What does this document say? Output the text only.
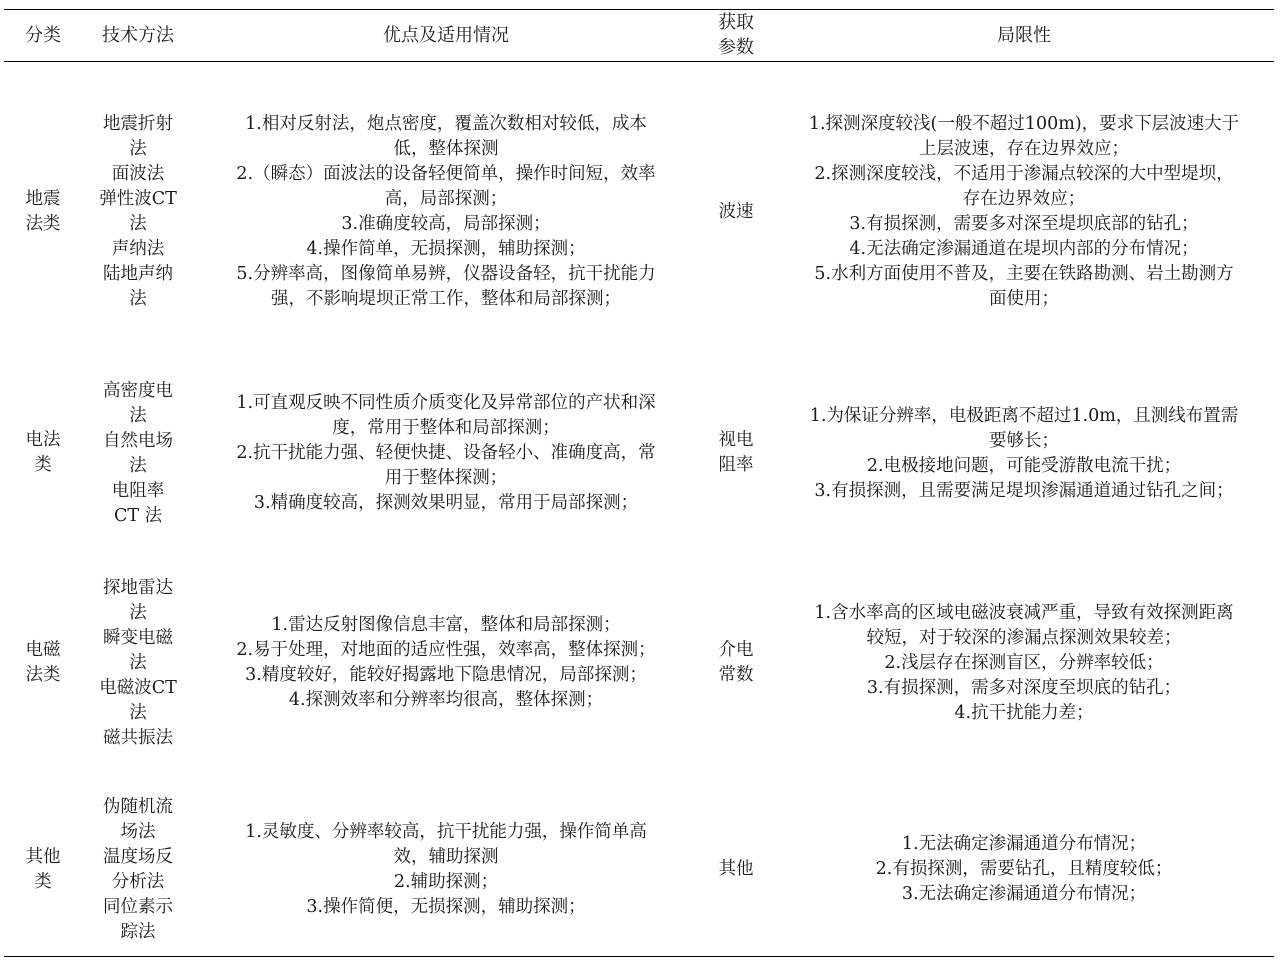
分类	技术方法	优点及适用情况
获取
参数
局限性
地震
法类
地震折射
法
面波法
弹性波CT
法
声纳法
陆地声纳
法
1.相对反射法，炮点密度，覆盖次数相对较低，成本
低，整体探测
2.（瞬态）面波法的设备轻便简单，操作时间短，效率
高，局部探测；
3.准确度较高，局部探测；
4.操作简单，无损探测，辅助探测；
5.分辨率高，图像简单易辨，仪器设备轻，抗干扰能力
强，不影响堤坝正常工作，整体和局部探测；
波速
1.探测深度较浅(一般不超过100m)，要求下层波速大于
上层波速，存在边界效应；
2.探测深度较浅，不适用于渗漏点较深的大中型堤坝，
存在边界效应；
3.有损探测，需要多对深至堤坝底部的钻孔；
4.无法确定渗漏通道在堤坝内部的分布情况；
5.水利方面使用不普及，主要在铁路勘测、岩土勘测方
面使用；
电法
类
高密度电
法
自然电场
法
电阻率
CT 法
1.可直观反映不同性质介质变化及异常部位的产状和深
度，常用于整体和局部探测；
2.抗干扰能力强、轻便快捷、设备轻小、准确度高，常
用于整体探测；
3.精确度较高，探测效果明显，常用于局部探测；
视电
阻率
1.为保证分辨率，电极距离不超过1.0m，且测线布置需
要够长；
2.电极接地问题，可能受游散电流干扰；
3.有损探测，且需要满足堤坝渗漏通道通过钻孔之间；
电磁
法类
探地雷达
法
瞬变电磁
法
电磁波CT
法
磁共振法
1.雷达反射图像信息丰富，整体和局部探测；
2.易于处理，对地面的适应性强，效率高，整体探测；
3.精度较好，能较好揭露地下隐患情况，局部探测；
4.探测效率和分辨率均很高，整体探测；
介电
常数
1.含水率高的区域电磁波衰减严重，导致有效探测距离
较短，对于较深的渗漏点探测效果较差；
2.浅层存在探测盲区，分辨率较低；
3.有损探测，需多对深度至坝底的钻孔；
4.抗干扰能力差；
其他
类
伪随机流
场法
温度场反
分析法
同位素示
踪法
1.灵敏度、分辨率较高，抗干扰能力强，操作简单高
效，辅助探测
2.辅助探测；
3.操作简便，无损探测，辅助探测；
其他
1.无法确定渗漏通道分布情况；
2.有损探测，需要钻孔，且精度较低；
3.无法确定渗漏通道分布情况；
